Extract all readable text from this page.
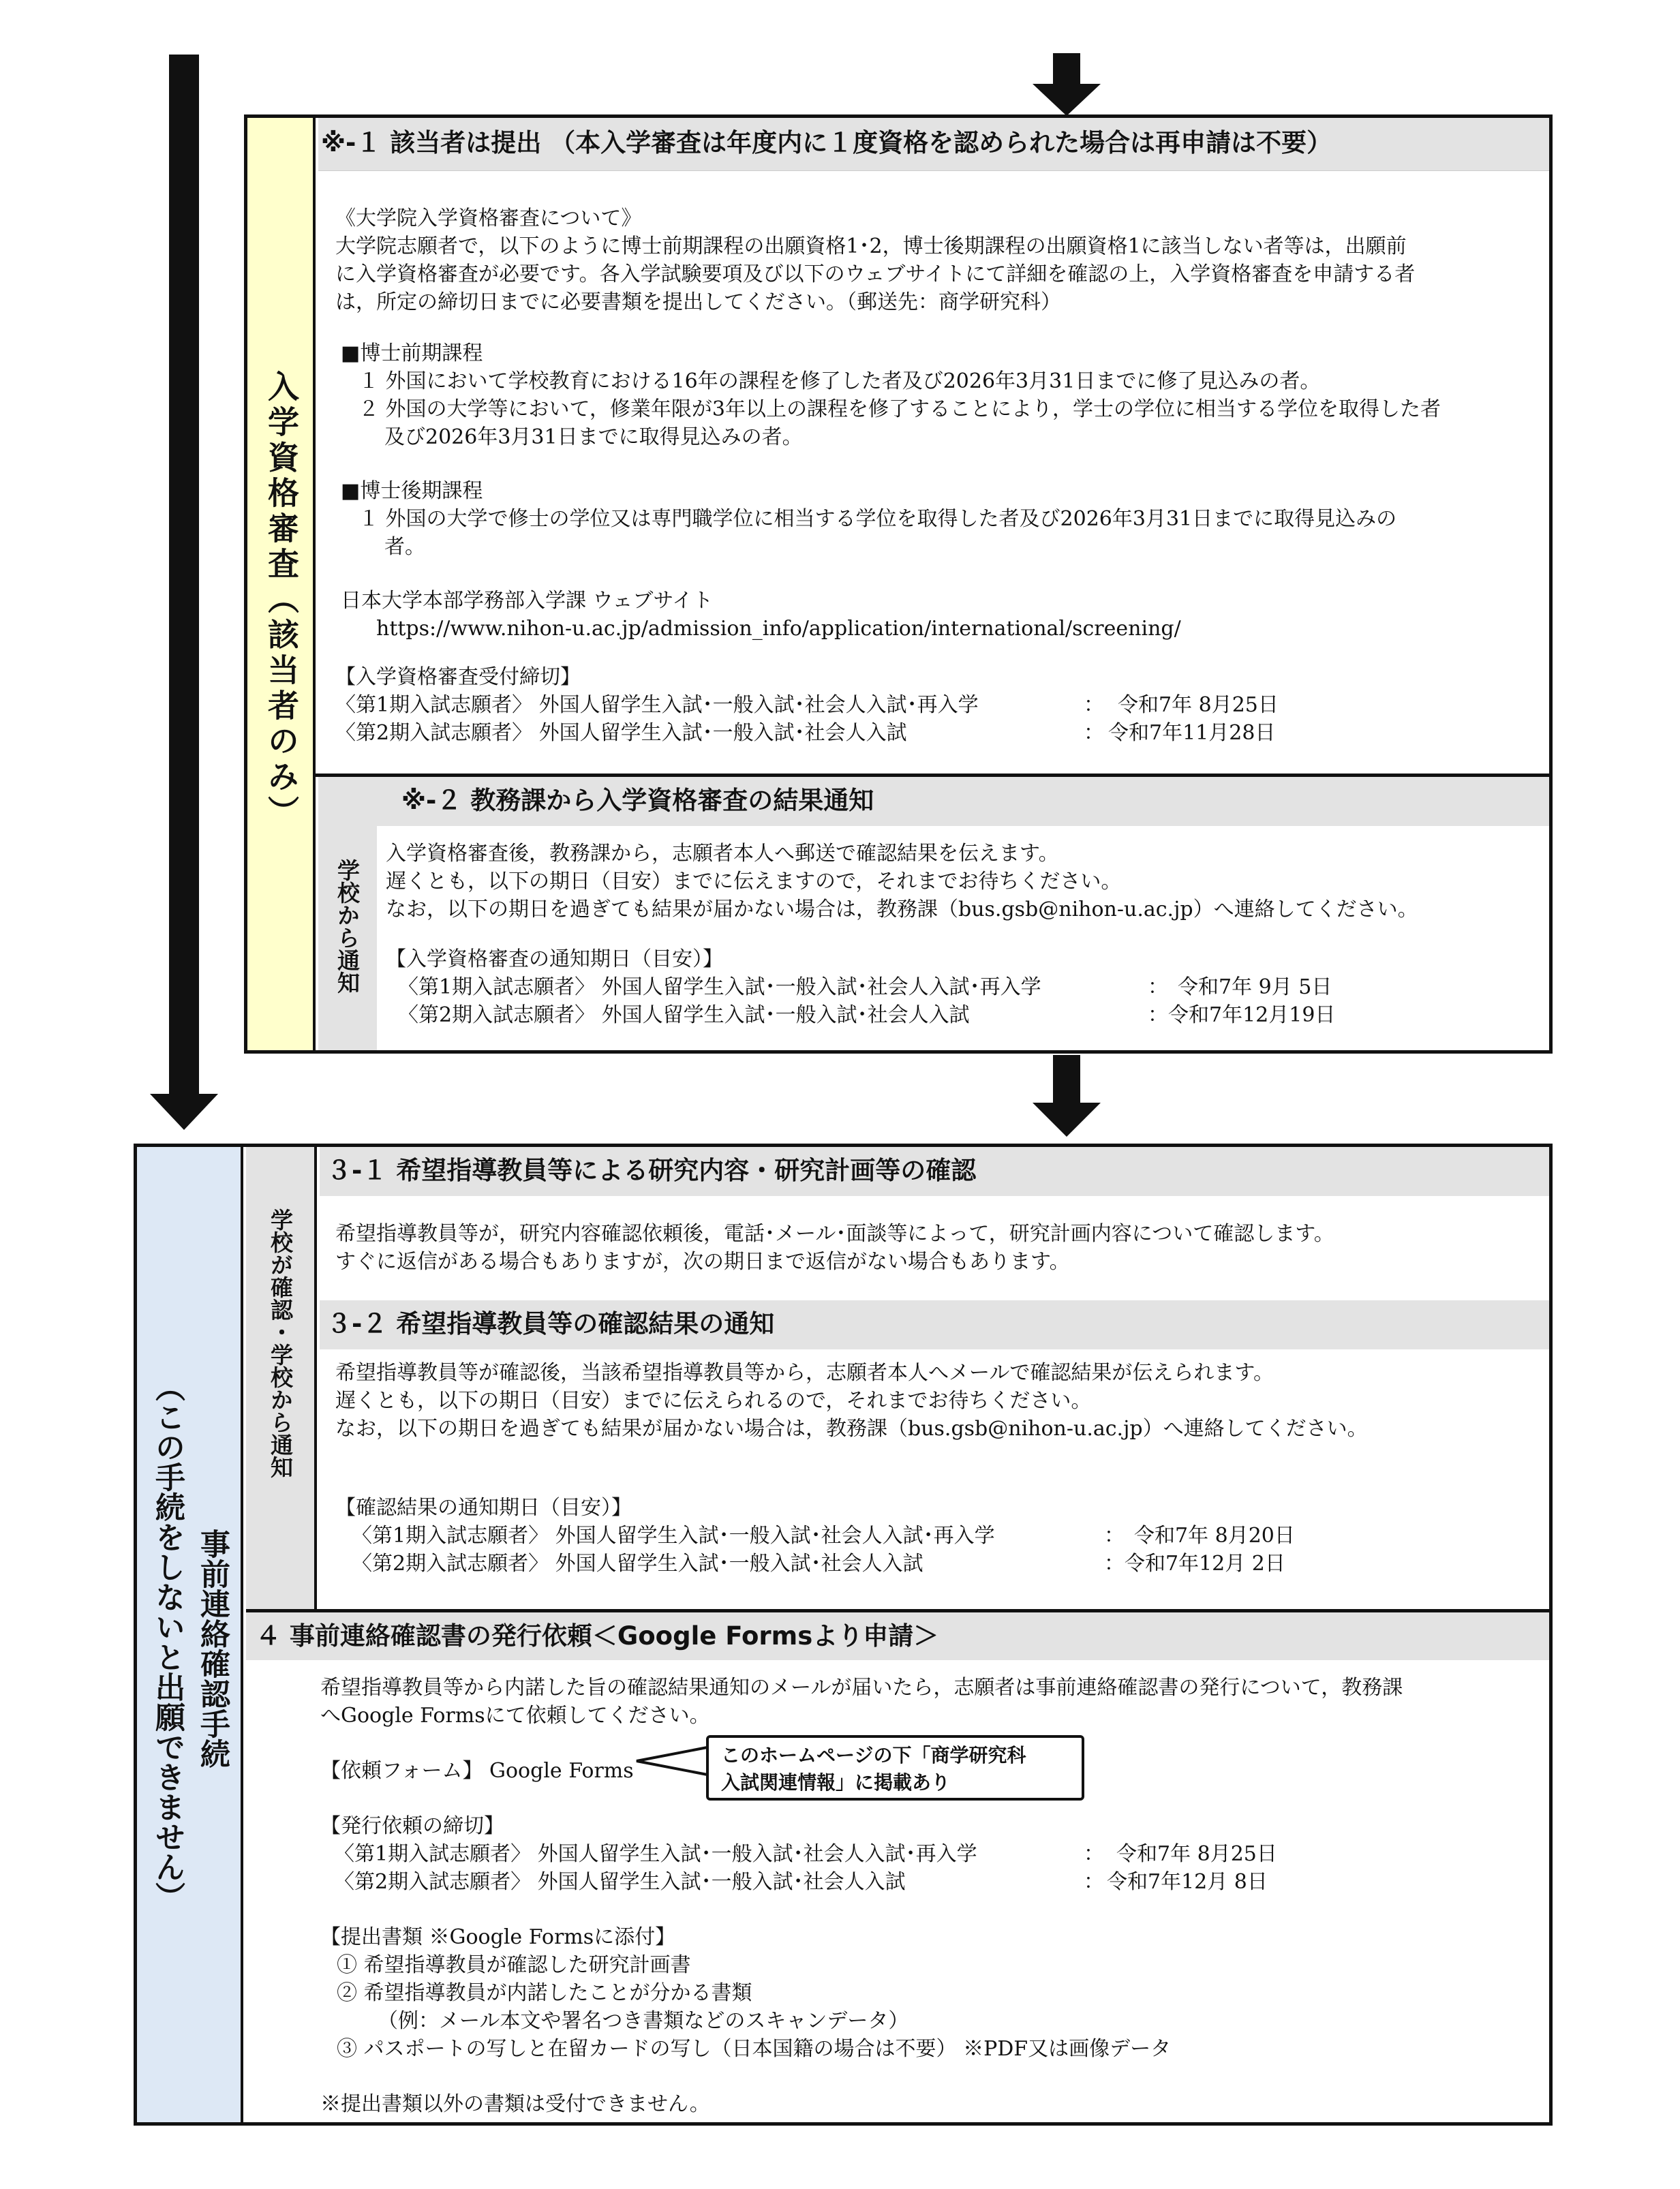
入学資格審査（該当者のみ）
※-１ 該当者は提出 （本入学審査は年度内に１度資格を認められた場合は再申請は不要）
《大学院入学資格審査について》
大学院志願者で，以下のように博士前期課程の出願資格1･2，博士後期課程の出願資格1に該当しない者等は，出願前
に入学資格審査が必要です。各入学試験要項及び以下のウェブサイトにて詳細を確認の上，入学資格審査を申請する者
は，所定の締切日までに必要書類を提出してください。（郵送先：商学研究科）
■博士前期課程
１ 外国において学校教育における16年の課程を修了した者及び2026年3月31日までに修了見込みの者。
２ 外国の大学等において，修業年限が3年以上の課程を修了することにより，学士の学位に相当する学位を取得した者
及び2026年3月31日までに取得見込みの者。
■博士後期課程
１ 外国の大学で修士の学位又は専門職学位に相当する学位を取得した者及び2026年3月31日までに取得見込みの
者。
日本大学本部学務部入学課 ウェブサイト
https://www.nihon-u.ac.jp/admission_info/application/international/screening/
【入学資格審査受付締切】
〈第1期入試志願者〉 外国人留学生入試･一般入試･社会人入試･再入学	： 令和7年 8月25日
〈第2期入試志願者〉 外国人留学生入試･一般入試･社会人入試	： 令和7年11月28日
学校から通知
※-２ 教務課から入学資格審査の結果通知
入学資格審査後，教務課から，志願者本人へ郵送で確認結果を伝えます。
遅くとも，以下の期日（目安）までに伝えますので，それまでお待ちください。
なお，以下の期日を過ぎても結果が届かない場合は，教務課（bus.gsb@nihon-u.ac.jp）へ連絡してください。
【入学資格審査の通知期日（目安）】
〈第1期入試志願者〉 外国人留学生入試･一般入試･社会人入試･再入学	： 令和7年 9月 5日
〈第2期入試志願者〉 外国人留学生入試･一般入試･社会人入試	： 令和7年12月19日
事前連絡確認手続
（この手続をしないと出願できません）
学校が確認・学校から通知
３-１ 希望指導教員等による研究内容・研究計画等の確認
希望指導教員等が，研究内容確認依頼後，電話･メール･面談等によって，研究計画内容について確認します。
すぐに返信がある場合もありますが，次の期日まで返信がない場合もあります。
３-２ 希望指導教員等の確認結果の通知
希望指導教員等が確認後，当該希望指導教員等から，志願者本人へメールで確認結果が伝えられます。
遅くとも，以下の期日（目安）までに伝えられるので，それまでお待ちください。
なお，以下の期日を過ぎても結果が届かない場合は，教務課（bus.gsb@nihon-u.ac.jp）へ連絡してください。
【確認結果の通知期日（目安）】
〈第1期入試志願者〉 外国人留学生入試･一般入試･社会人入試･再入学	： 令和7年 8月20日
〈第2期入試志願者〉 外国人留学生入試･一般入試･社会人入試	： 令和7年12月 2日
４ 事前連絡確認書の発行依頼＜Google Formsより申請＞
希望指導教員等から内諾した旨の確認結果通知のメールが届いたら，志願者は事前連絡確認書の発行について，教務課
へGoogle Formsにて依頼してください。
【依頼フォーム】 Google Forms
【発行依頼の締切】
〈第1期入試志願者〉 外国人留学生入試･一般入試･社会人入試･再入学	： 令和7年 8月25日
〈第2期入試志願者〉 外国人留学生入試･一般入試･社会人入試	： 令和7年12月 8日
【提出書類 ※Google Formsに添付】
① 希望指導教員が確認した研究計画書
② 希望指導教員が内諾したことが分かる書類
（例：メール本文や署名つき書類などのスキャンデータ）
③ パスポートの写しと在留カードの写し（日本国籍の場合は不要） ※PDF又は画像データ
※提出書類以外の書類は受付できません。
このホームページの下「商学研究科
入試関連情報」に掲載あり
